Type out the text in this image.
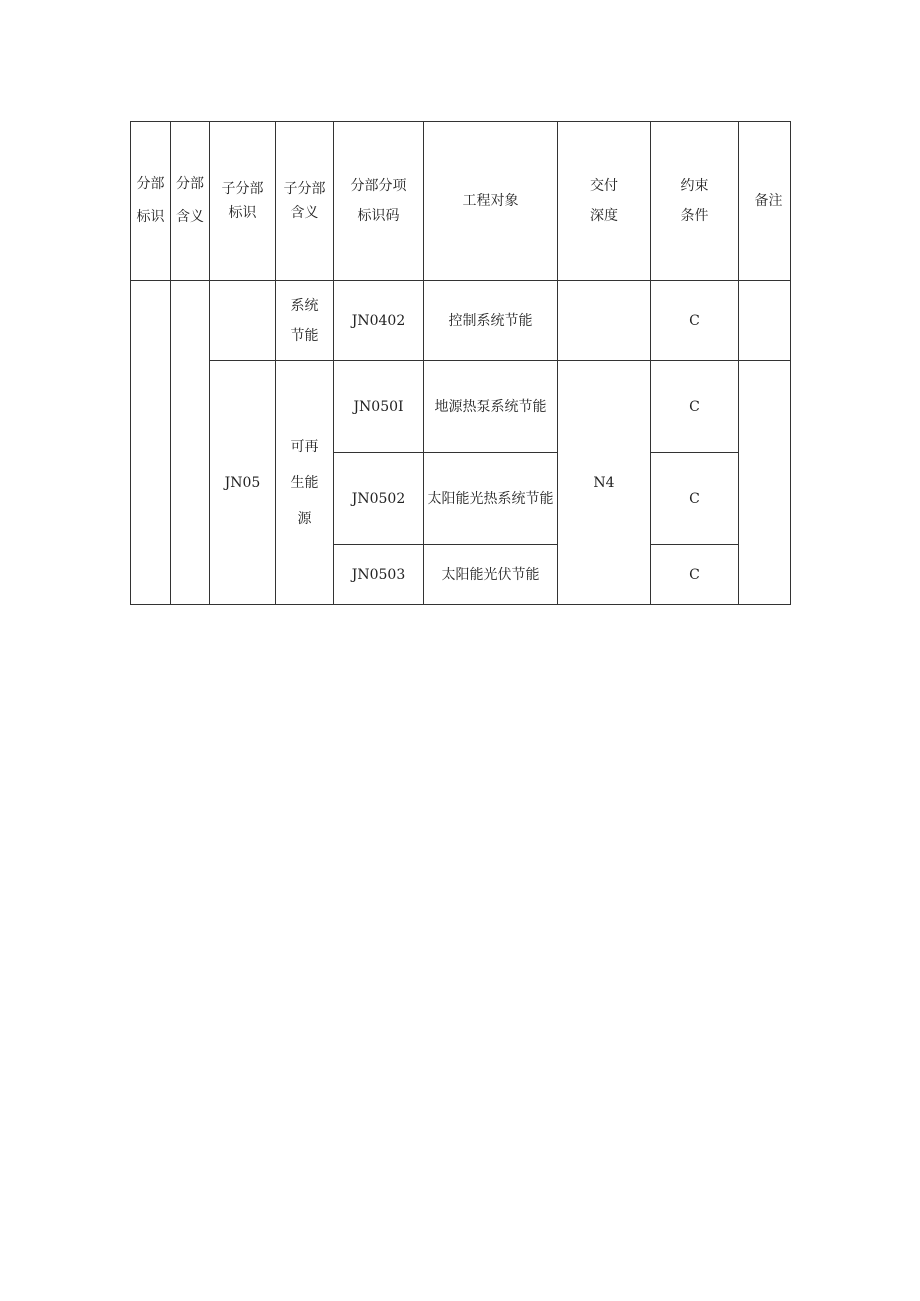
分部标识	分部含义	子分部标识	子分部含义	分部分项标识码	工程对象	交付深度	约束条件	备注

			系统节能	JN0402	控制系统节能		C	

		JN05	可再生能源	JN050I	地源热泵系统节能	N4	C	

				JN0502	太阳能光热系统节能		C	

				JN0503	太阳能光伏节能		C	
